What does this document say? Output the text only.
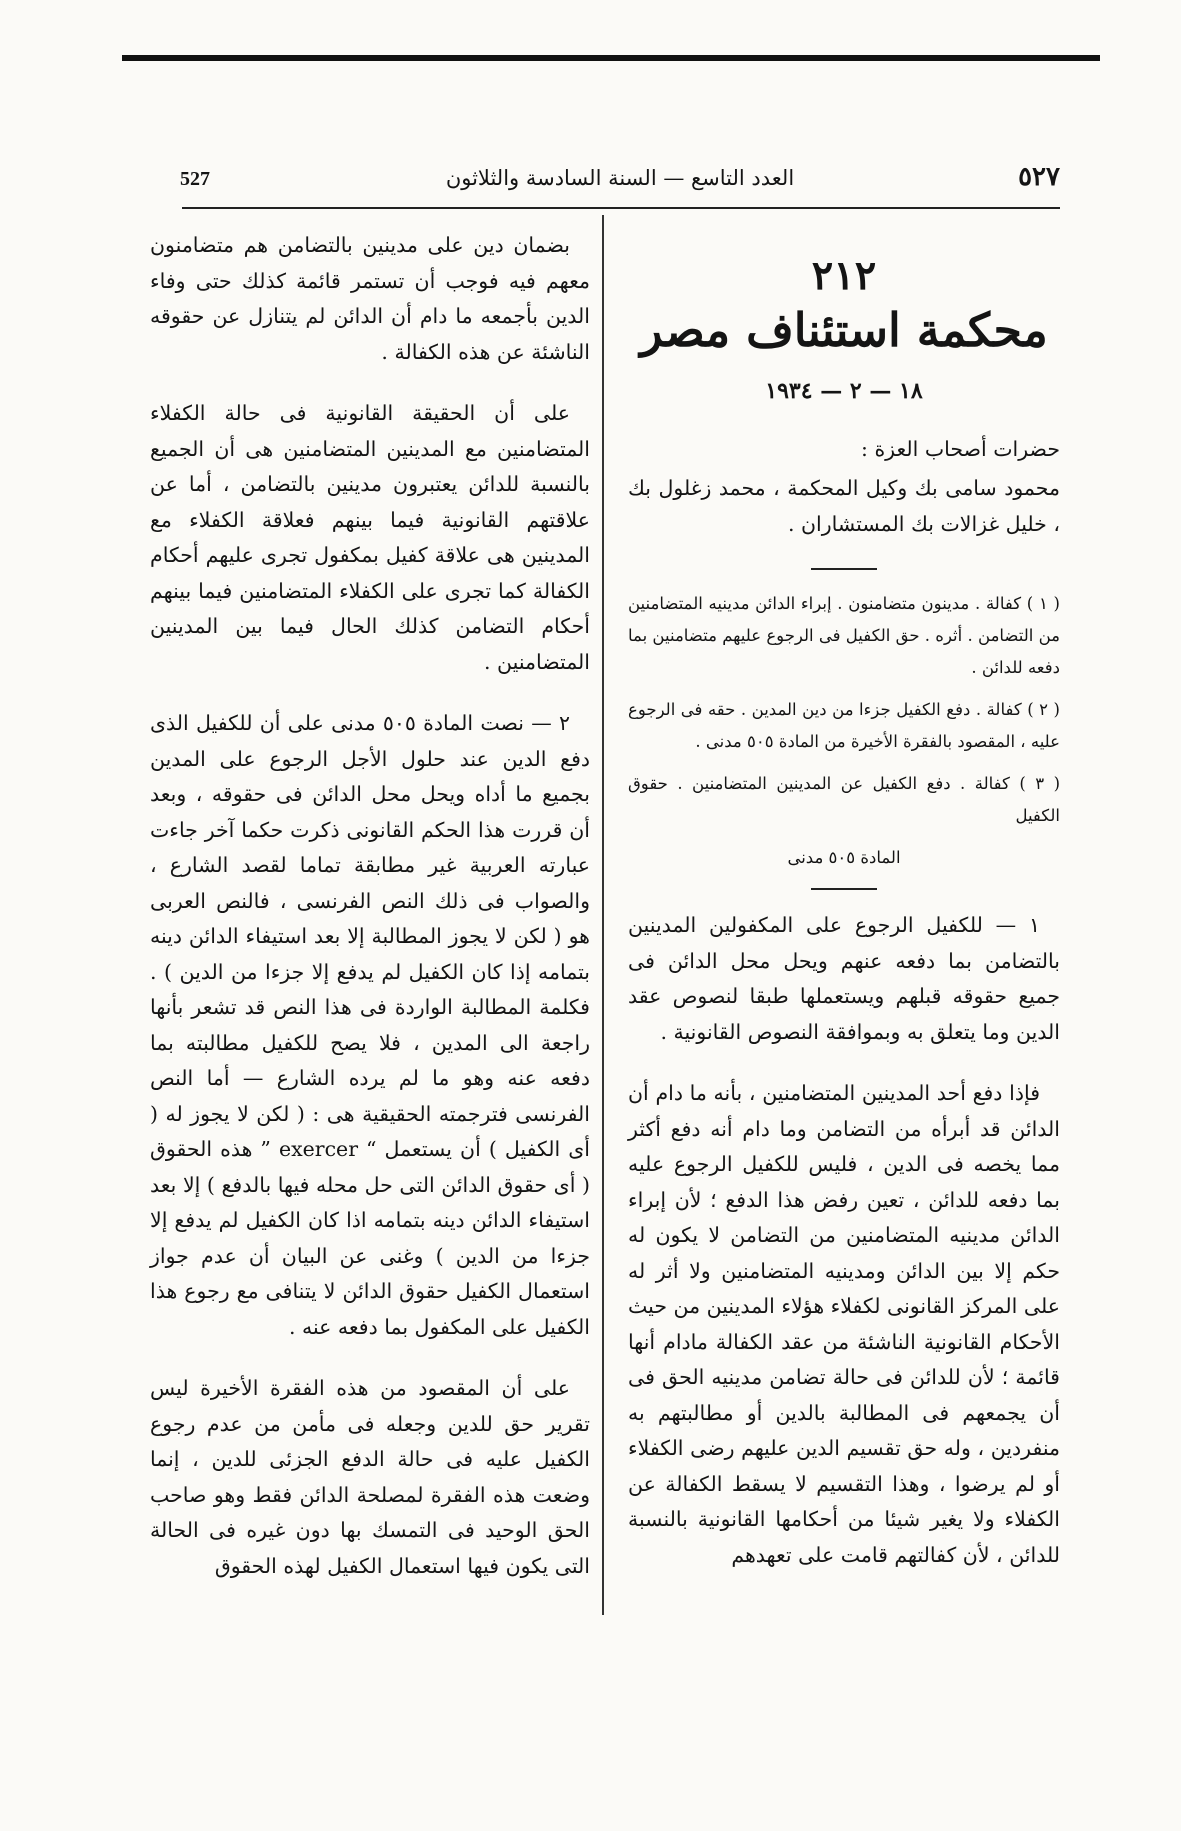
527	العدد التاسع — السنة السادسة والثلاثون	٥٢٧
٢١٢
محكمة استئناف مصر
١٨ — ٢ — ١٩٣٤

حضرات أصحاب العزة :

محمود سامى بك وكيل المحكمة ، محمد زغلول بك ، خليل غزالات بك المستشاران .

( ١ ) كفالة . مدينون متضامنون . إبراء الدائن مدينيه المتضامنين من التضامن . أثره . حق الكفيل فى الرجوع عليهم متضامنين بما دفعه للدائن .

( ٢ ) كفالة . دفع الكفيل جزءا من دين المدين . حقه فى الرجوع عليه ، المقصود بالفقرة الأخيرة من المادة ٥٠٥ مدنى .

( ٣ ) كفالة . دفع الكفيل عن المدينين المتضامنين . حقوق الكفيل

المادة ٥٠٥ مدنى

١ — للكفيل الرجوع على المكفولين المدينين بالتضامن بما دفعه عنهم ويحل محل الدائن فى جميع حقوقه قبلهم ويستعملها طبقا لنصوص عقد الدين وما يتعلق به وبموافقة النصوص القانونية .

فإذا دفع أحد المدينين المتضامنين ، بأنه ما دام أن الدائن قد أبرأه من التضامن وما دام أنه دفع أكثر مما يخصه فى الدين ، فليس للكفيل الرجوع عليه بما دفعه للدائن ، تعين رفض هذا الدفع ؛ لأن إبراء الدائن مدينيه المتضامنين من التضامن لا يكون له حكم إلا بين الدائن ومدينيه المتضامنين ولا أثر له على المركز القانونى لكفلاء هؤلاء المدينين من حيث الأحكام القانونية الناشئة من عقد الكفالة مادام أنها قائمة ؛ لأن للدائن فى حالة تضامن مدينيه الحق فى أن يجمعهم فى المطالبة بالدين أو مطالبتهم به منفردين ، وله حق تقسيم الدين عليهم رضى الكفلاء أو لم يرضوا ، وهذا التقسيم لا يسقط الكفالة عن الكفلاء ولا يغير شيئا من أحكامها القانونية بالنسبة للدائن ، لأن كفالتهم قامت على تعهدهم

بضمان دين على مدينين بالتضامن هم متضامنون معهم فيه فوجب أن تستمر قائمة كذلك حتى وفاء الدين بأجمعه ما دام أن الدائن لم يتنازل عن حقوقه الناشئة عن هذه الكفالة .

على أن الحقيقة القانونية فى حالة الكفلاء المتضامنين مع المدينين المتضامنين هى أن الجميع بالنسبة للدائن يعتبرون مدينين بالتضامن ، أما عن علاقتهم القانونية فيما بينهم فعلاقة الكفلاء مع المدينين هى علاقة كفيل بمكفول تجرى عليهم أحكام الكفالة كما تجرى على الكفلاء المتضامنين فيما بينهم أحكام التضامن كذلك الحال فيما بين المدينين المتضامنين .

٢ — نصت المادة ٥٠٥ مدنى على أن للكفيل الذى دفع الدين عند حلول الأجل الرجوع على المدين بجميع ما أداه ويحل محل الدائن فى حقوقه ، وبعد أن قررت هذا الحكم القانونى ذكرت حكما آخر جاءت عبارته العربية غير مطابقة تماما لقصد الشارع ، والصواب فى ذلك النص الفرنسى ، فالنص العربى هو ( لكن لا يجوز المطالبة إلا بعد استيفاء الدائن دينه بتمامه إذا كان الكفيل لم يدفع إلا جزءا من الدين ) . فكلمة المطالبة الواردة فى هذا النص قد تشعر بأنها راجعة الى المدين ، فلا يصح للكفيل مطالبته بما دفعه عنه وهو ما لم يرده الشارع — أما النص الفرنسى فترجمته الحقيقية هى : ( لكن لا يجوز له ( أى الكفيل ) أن يستعمل “ exercer ” هذه الحقوق ( أى حقوق الدائن التى حل محله فيها بالدفع ) إلا بعد استيفاء الدائن دينه بتمامه اذا كان الكفيل لم يدفع إلا جزءا من الدين ) وغنى عن البيان أن عدم جواز استعمال الكفيل حقوق الدائن لا يتنافى مع رجوع هذا الكفيل على المكفول بما دفعه عنه .

على أن المقصود من هذه الفقرة الأخيرة ليس تقرير حق للدين وجعله فى مأمن من عدم رجوع الكفيل عليه فى حالة الدفع الجزئى للدين ، إنما وضعت هذه الفقرة لمصلحة الدائن فقط وهو صاحب الحق الوحيد فى التمسك بها دون غيره فى الحالة التى يكون فيها استعمال الكفيل لهذه الحقوق
